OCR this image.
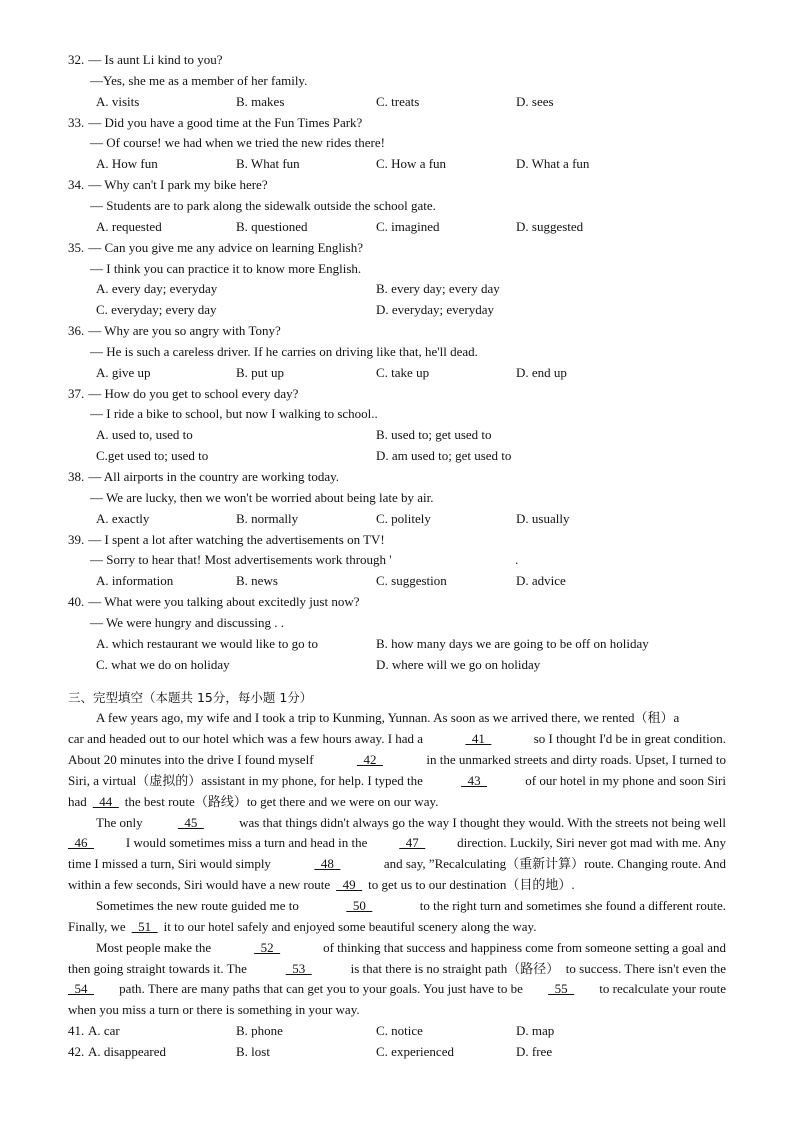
32. — Is aunt Li kind to you?
—Yes, she me as a member of her family.
A. visits	B. makes	C. treats	D. sees
33. — Did you have a good time at the Fun Times Park?
— Of course! we had when we tried the new rides there!
A. How fun	B. What fun	C. How a fun	D. What a fun
34. — Why can't I park my bike here?
— Students are to park along the sidewalk outside the school gate.
A. requested	B. questioned	C. imagined	D. suggested
35. — Can you give me any advice on learning English?
— I think you can practice it to know more English.
A. every day; everyday	B. every day; every day
C. everyday; every day	D. everyday; everyday
36. — Why are you so angry with Tony?
— He is such a careless driver. If he carries on driving like that, he'll dead.
A. give up	B. put up	C. take up	D. end up
37. — How do you get to school every day?
— I ride a bike to school, but now I walking to school..
A. used to, used to	B. used to; get used to
C.get used to; used to	D. am used to; get used to
38. — All airports in the country are working today.
— We are lucky, then we won't be worried about being late by air.
A. exactly	B. normally	C. politely	D. usually
39. — I spent a lot after watching the advertisements on TV!
— Sorry to hear that! Most advertisements work through '	.
A. information	B. news	C. suggestion	D. advice
40. — What were you talking about excitedly just now?
— We were hungry and discussing . .
A. which restaurant we would like to go to	B. how many days we are going to be off on holiday
C. what we do on holiday	D. where will we go on holiday
三、完型填空（本题共 15分，每小题 1分）
A few years ago, my wife and I took a trip to Kunming, Yunnan. As soon as we arrived there, we rented（租）a
car and headed out to our hotel which was a few hours away. I had a	41	so I thought I'd be in great condition.
About 20 minutes into the drive I found myself	42	in the unmarked streets and dirty roads. Upset, I turned to
Siri, a virtual（虚拟的）assistant in my phone, for help. I typed the	43	of our hotel in my phone and soon Siri
had  44  the best route（路线）to get there and we were on our way.
The only	45	was that things didn't always go the way I thought they would. With the streets not being well
46 I would sometimes miss a turn and head in the 47 direction. Luckily, Siri never got mad with me. Any
time I missed a turn, Siri would simply	48	and say, ”Recalculating（重新计算）route. Changing route. And
within a few seconds, Siri would have a new route  49  to get us to our destination（目的地）.
Sometimes the new route guided me to	50	to the right turn and sometimes she found a different route.
Finally, we  51  it to our hotel safely and enjoyed some beautiful scenery along the way.
Most people make the	52	of thinking that success and happiness come from someone setting a goal and
then going straight towards it. The	53	is that there is no straight path（路径）  to success. There isn't even the
54 path. There are many paths that can get you to your goals. You just have to be 55 to recalculate your route
when you miss a turn or there is something in your way.
41. A. car	B. phone	C. notice	D. map
42. A. disappeared	B. lost	C. experienced	D. free
